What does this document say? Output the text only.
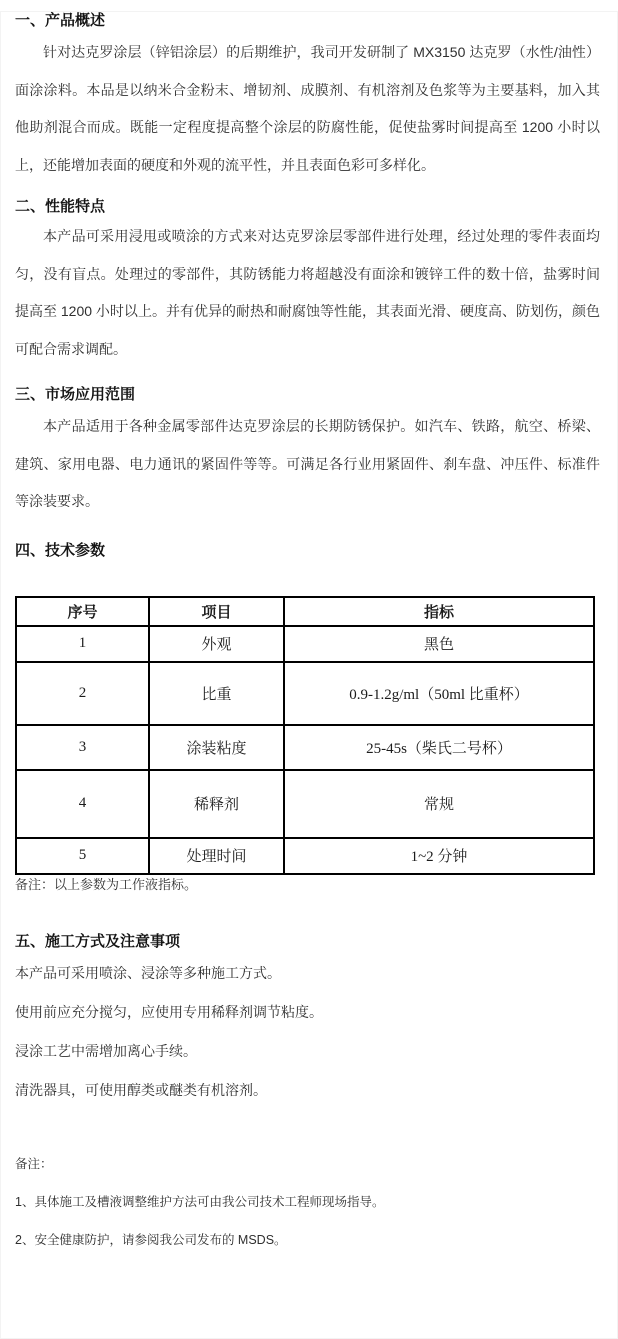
一、产品概述

针对达克罗涂层（锌铝涂层）的后期维护，我司开发研制了 MX3150 达克罗（水性/油性）面涂涂料。本品是以纳米合金粉末、增韧剂、成膜剂、有机溶剂及色浆等为主要基料，加入其他助剂混合而成。既能一定程度提高整个涂层的防腐性能，促使盐雾时间提高至 1200 小时以上，还能增加表面的硬度和外观的流平性，并且表面色彩可多样化。

二、性能特点

本产品可采用浸甩或喷涂的方式来对达克罗涂层零部件进行处理，经过处理的零件表面均匀，没有盲点。处理过的零部件，其防锈能力将超越没有面涂和镀锌工件的数十倍，盐雾时间提高至 1200 小时以上。并有优异的耐热和耐腐蚀等性能，其表面光滑、硬度高、防划伤，颜色可配合需求调配。

三、市场应用范围

本产品适用于各种金属零部件达克罗涂层的长期防锈保护。如汽车、铁路，航空、桥梁、建筑、家用电器、电力通讯的紧固件等等。可满足各行业用紧固件、刹车盘、冲压件、标准件等涂装要求。

四、技术参数
序号	项目	指标
1	外观	黑色
2	比重	0.9-1.2g/ml（50ml 比重杯）
3	涂装粘度	25-45s（柴氏二号杯）
4	稀释剂	常规
5	处理时间	1~2 分钟

备注：以上参数为工作液指标。

五、施工方式及注意事项

本产品可采用喷涂、浸涂等多种施工方式。

使用前应充分搅匀，应使用专用稀释剂调节粘度。

浸涂工艺中需增加离心手续。

清洗器具，可使用醇类或醚类有机溶剂。

备注：

1、具体施工及槽液调整维护方法可由我公司技术工程师现场指导。

2、安全健康防护，请参阅我公司发布的 MSDS。
